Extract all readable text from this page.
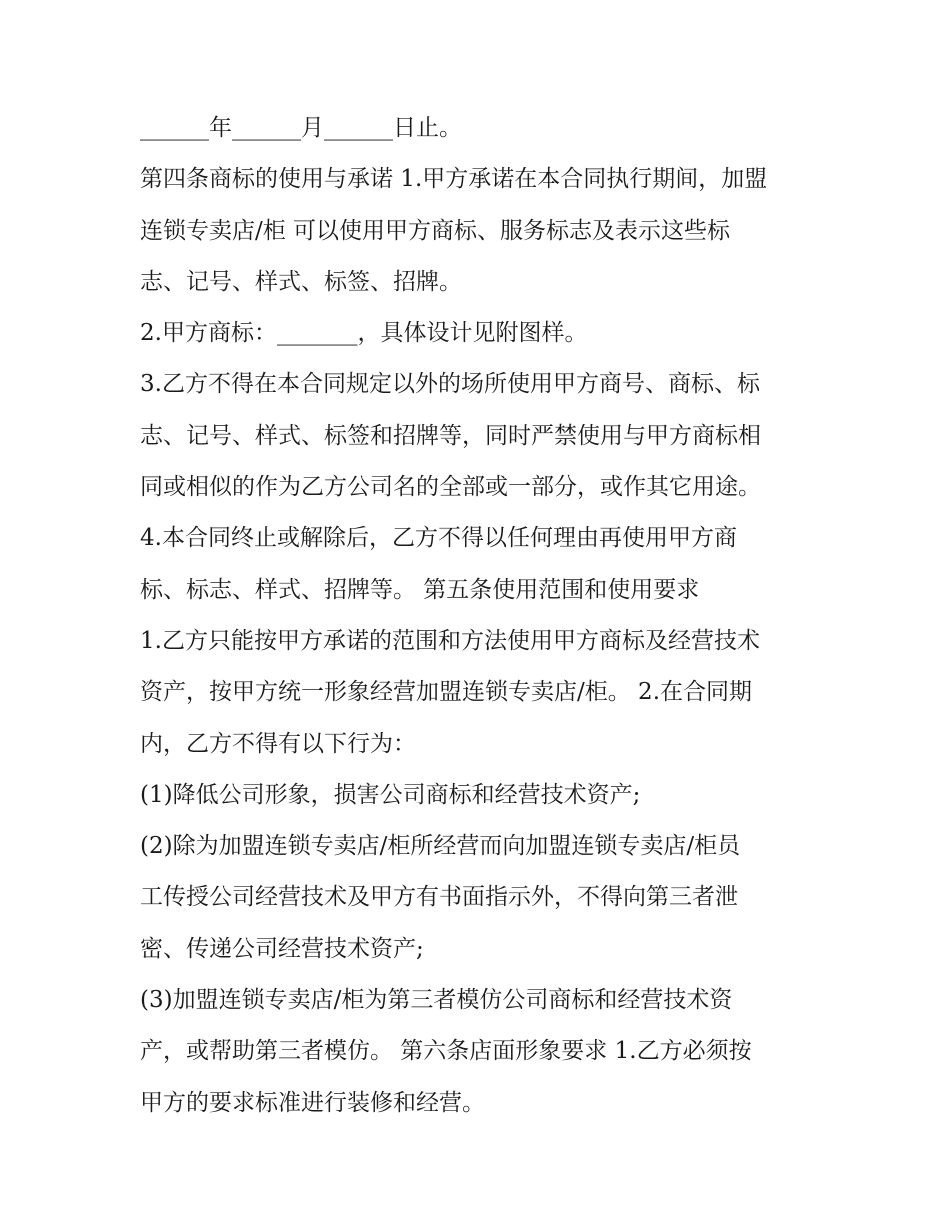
______年______月______日止。
第四条商标的使用与承诺 1.甲方承诺在本合同执行期间，加盟
连锁专卖店/柜 可以使用甲方商标、服务标志及表示这些标
志、记号、样式、标签、招牌。
2.甲方商标：_______，具体设计见附图样。
3.乙方不得在本合同规定以外的场所使用甲方商号、商标、标
志、记号、样式、标签和招牌等，同时严禁使用与甲方商标相
同或相似的作为乙方公司名的全部或一部分，或作其它用途。
4.本合同终止或解除后，乙方不得以任何理由再使用甲方商
标、标志、样式、招牌等。 第五条使用范围和使用要求
1.乙方只能按甲方承诺的范围和方法使用甲方商标及经营技术
资产，按甲方统一形象经营加盟连锁专卖店/柜。 2.在合同期
内，乙方不得有以下行为：
(1)降低公司形象，损害公司商标和经营技术资产;
(2)除为加盟连锁专卖店/柜所经营而向加盟连锁专卖店/柜员
工传授公司经营技术及甲方有书面指示外，不得向第三者泄
密、传递公司经营技术资产;
(3)加盟连锁专卖店/柜为第三者模仿公司商标和经营技术资
产，或帮助第三者模仿。 第六条店面形象要求 1.乙方必须按
甲方的要求标准进行装修和经营。
